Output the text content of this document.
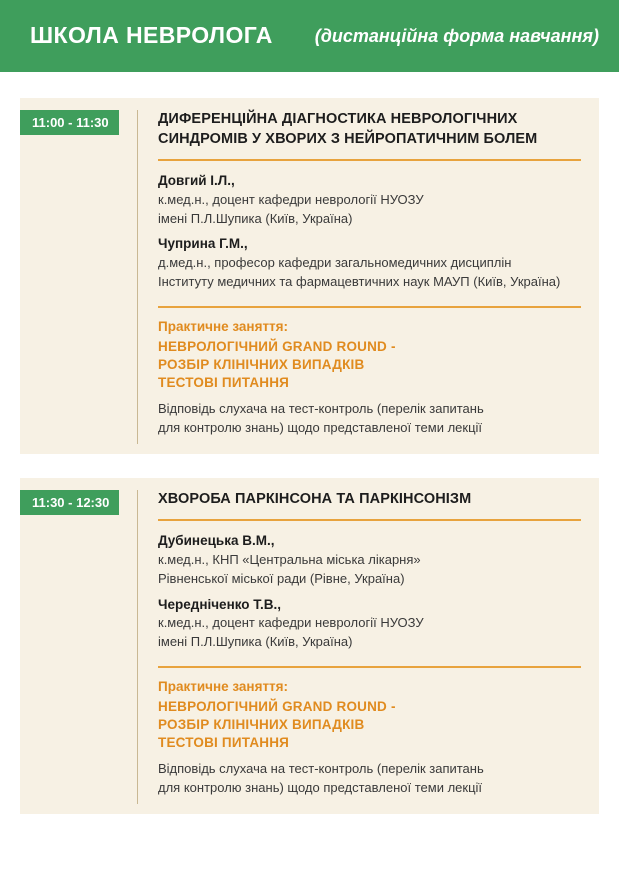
ШКОЛА НЕВРОЛОГА (дистанційна форма навчання)
11:00 - 11:30	ДИФЕРЕНЦІЙНА ДІАГНОСТИКА НЕВРОЛОГІЧНИХ
СИНДРОМІВ У ХВОРИХ З НЕЙРОПАТИЧНИМ БОЛЕМ
Довгий І.Л.,
к.мед.н., доцент кафедри неврології НУОЗУ
імені П.Л.Шупика (Київ, Україна)
Чуприна Г.М.,
д.мед.н., професор кафедри загальномедичних дисциплін
Інституту медичних та фармацевтичних наук МАУП (Київ, Україна)
Практичне заняття:
НЕВРОЛОГІЧНИЙ GRAND ROUND -
РОЗБІР КЛІНІЧНИХ ВИПАДКІВ
ТЕСТОВІ ПИТАННЯ
Відповідь слухача на тест-контроль (перелік запитань
для контролю знань) щодо представленої теми лекції
11:30 - 12:30	ХВОРОБА ПАРКІНСОНА ТА ПАРКІНСОНІЗМ
Дубинецька В.М.,
к.мед.н., КНП «Центральна міська лікарня»
Рівненської міської ради (Рівне, Україна)
Чередніченко Т.В.,
к.мед.н., доцент кафедри неврології НУОЗУ
імені П.Л.Шупика (Київ, Україна)
Практичне заняття:
НЕВРОЛОГІЧНИЙ GRAND ROUND -
РОЗБІР КЛІНІЧНИХ ВИПАДКІВ
ТЕСТОВІ ПИТАННЯ
Відповідь слухача на тест-контроль (перелік запитань
для контролю знань) щодо представленої теми лекції
